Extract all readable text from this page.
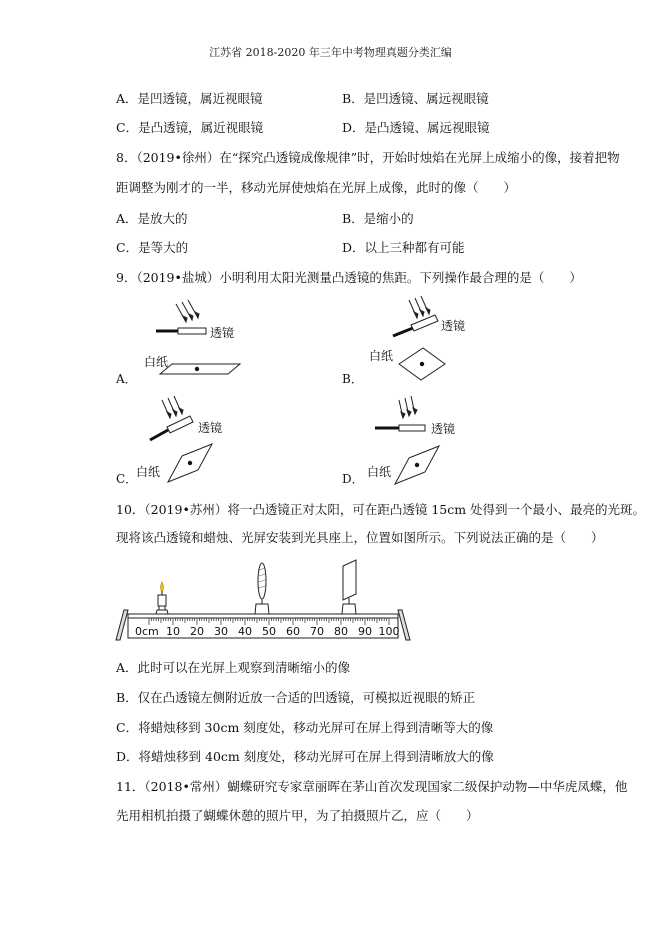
江苏省 2018-2020 年三年中考物理真题分类汇编
A．是凹透镜，属近视眼镜	B．是凹透镜、属远视眼镜
C．是凸透镜，属近视眼镜	D．是凸透镜、属远视眼镜
8．（2019•徐州）在“探究凸透镜成像规律”时，开始时烛焰在光屏上成缩小的像，接着把物
距调整为刚才的一半，移动光屏使烛焰在光屏上成像，此时的像（　　）
A．是放大的	B．是缩小的
C．是等大的	D．以上三种都有可能
9．（2019•盐城）小明利用太阳光测量凸透镜的焦距。下列操作最合理的是（　　）
透镜
白纸
A．
透镜
白纸
B．
透镜
白纸
C．
透镜
白纸
D．
10．（2019•苏州）将一凸透镜正对太阳，可在距凸透镜 15cm 处得到一个最小、最亮的光斑。
现将该凸透镜和蜡烛、光屏安装到光具座上，位置如图所示。下列说法正确的是（　　）
10 20 30 40 50 60 70 80 90 100
0cm
A．此时可以在光屏上观察到清晰缩小的像
B．仅在凸透镜左侧附近放一合适的凹透镜，可模拟近视眼的矫正
C．将蜡烛移到 30cm 刻度处，移动光屏可在屏上得到清晰等大的像
D．将蜡烛移到 40cm 刻度处，移动光屏可在屏上得到清晰放大的像
11．（2018•常州）蝴蝶研究专家章丽晖在茅山首次发现国家二级保护动物—中华虎凤蝶，他
先用相机拍摄了蝴蝶休憩的照片甲，为了拍摄照片乙，应（　　）
